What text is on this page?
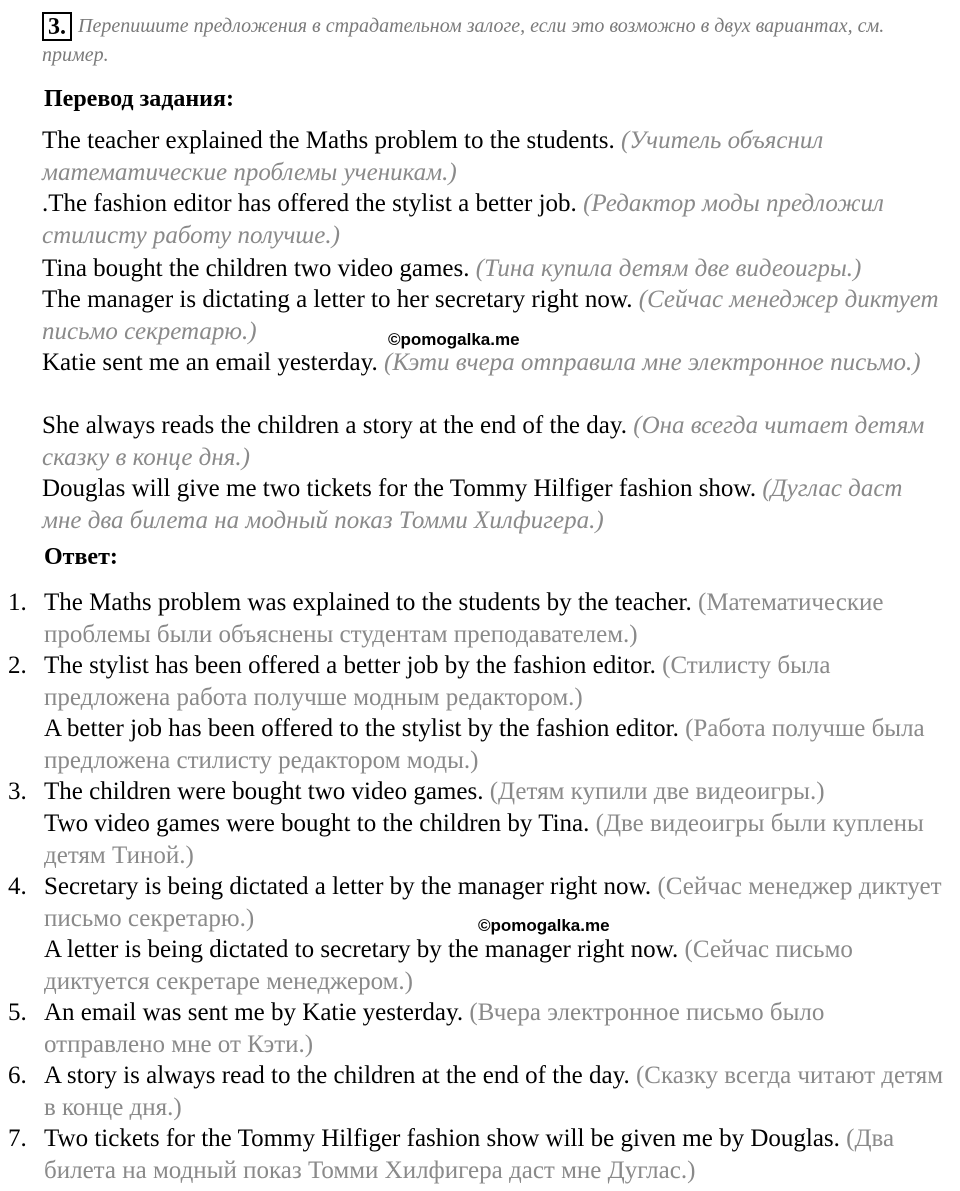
3. Перепишите предложения в страдательном залоге, если это возможно в двух вариантах, см. пример.
Перевод задания:
The teacher explained the Maths problem to the students. (Учитель объяснил математические проблемы ученикам.)
.The fashion editor has offered the stylist a better job. (Редактор моды предложил стилисту работу получше.)
Tina bought the children two video games. (Тина купила детям две видеоигры.)
The manager is dictating a letter to her secretary right now. (Сейчас менеджер диктует письмо секретарю.)
Katie sent me an email yesterday. (Кэти вчера отправила мне электронное письмо.)
She always reads the children a story at the end of the day. (Она всегда читает детям сказку в конце дня.)
Douglas will give me two tickets for the Tommy Hilfiger fashion show. (Дуглас даст мне два билета на модный показ Томми Хилфигера.)
Ответ:
1. The Maths problem was explained to the students by the teacher. (Математические проблемы были объяснены студентам преподавателем.)
2. The stylist has been offered a better job by the fashion editor. (Стилисту была предложена работа получше модным редактором.)
A better job has been offered to the stylist by the fashion editor. (Работа получше была предложена стилисту редактором моды.)
3. The children were bought two video games. (Детям купили две видеоигры.)
Two video games were bought to the children by Tina. (Две видеоигры были куплены детям Тиной.)
4. Secretary is being dictated a letter by the manager right now. (Сейчас менеджер диктует письмо секретарю.)
A letter is being dictated to secretary by the manager right now. (Сейчас письмо диктуется секретаре менеджером.)
5. An email was sent me by Katie yesterday. (Вчера электронное письмо было отправлено мне от Кэти.)
6. A story is always read to the children at the end of the day. (Сказку всегда читают детям в конце дня.)
7. Two tickets for the Tommy Hilfiger fashion show will be given me by Douglas. (Два билета на модный показ Томми Хилфигера даст мне Дуглас.)
©pomogalka.me
©pomogalka.me
